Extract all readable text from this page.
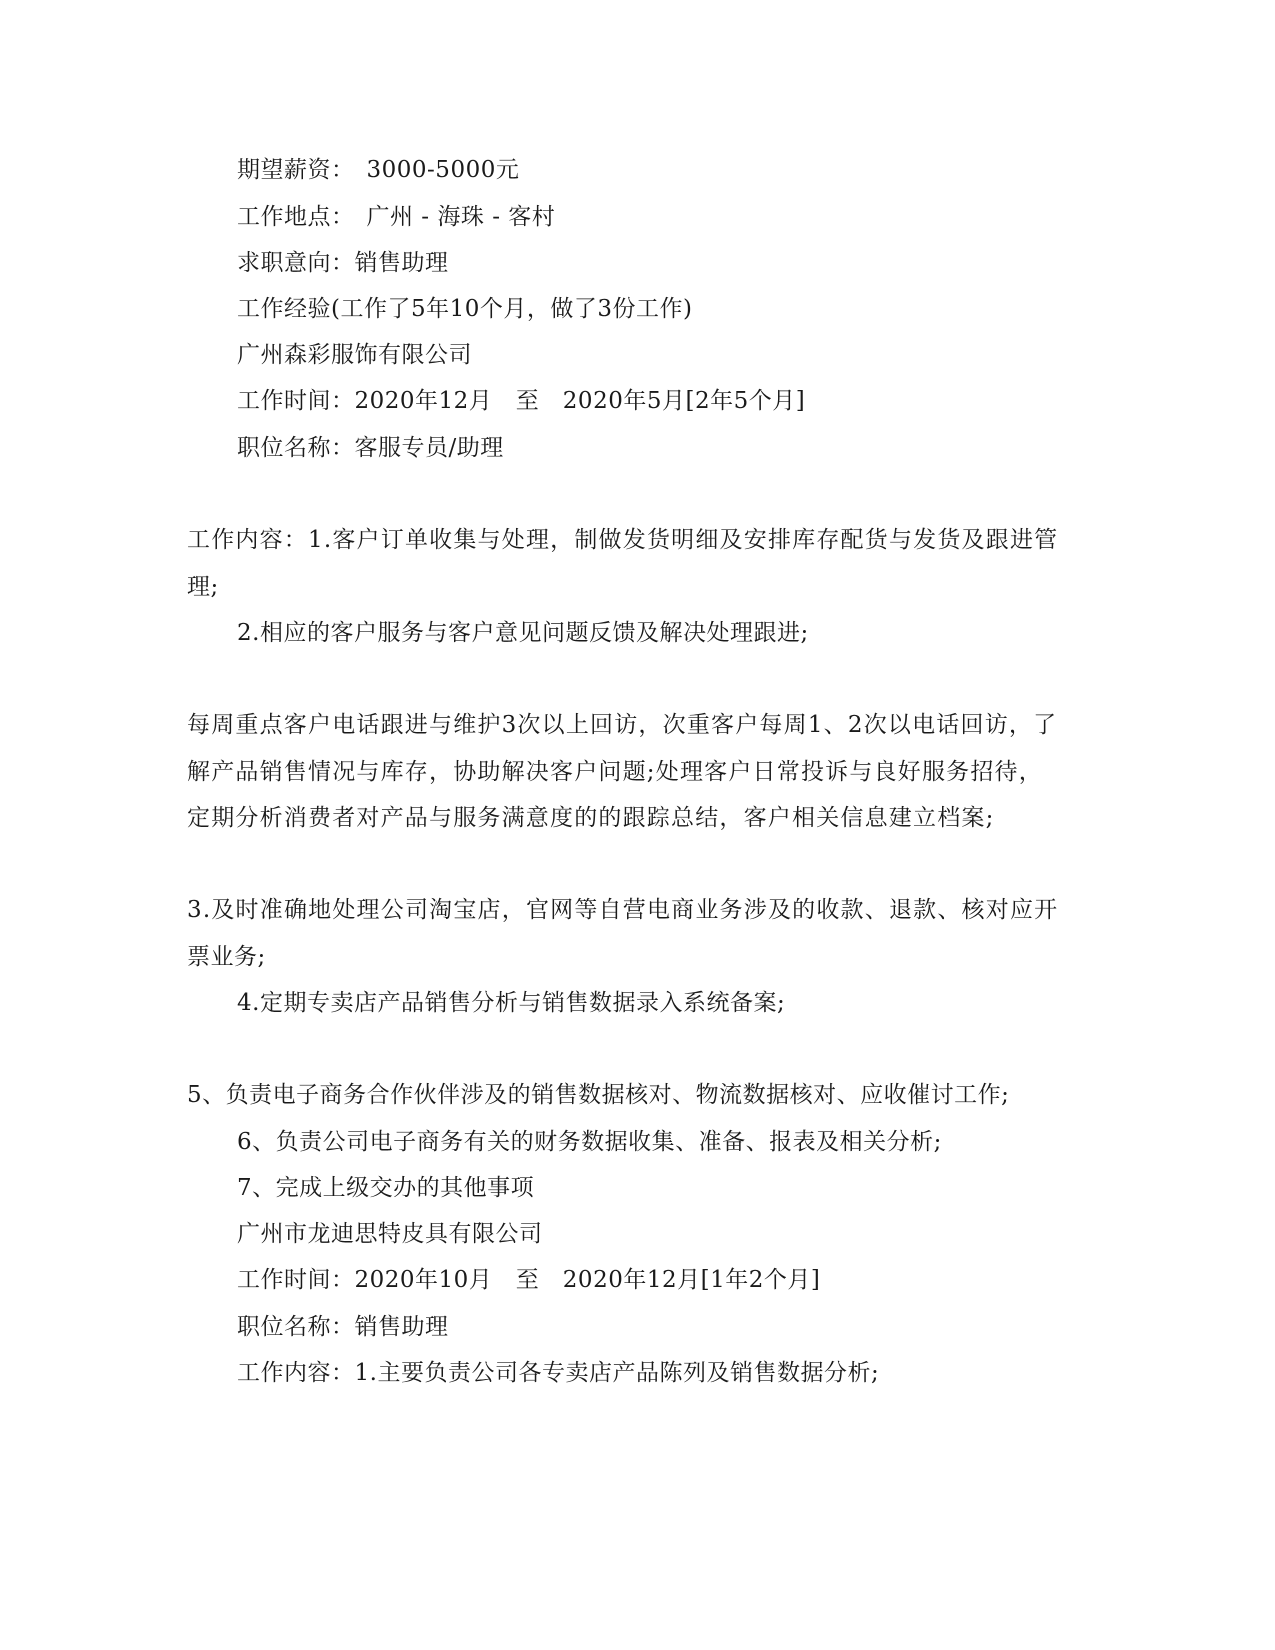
期望薪资：　3000-5000元
工作地点：　广州 - 海珠 - 客村
求职意向：销售助理
工作经验(工作了5年10个月，做了3份工作)
广州森彩服饰有限公司
工作时间：2020年12月　至　2020年5月[2年5个月]
职位名称：客服专员/助理
工作内容：1.客户订单收集与处理，制做发货明细及安排库存配货与发货及跟进管
理;
2.相应的客户服务与客户意见问题反馈及解决处理跟进;
每周重点客户电话跟进与维护3次以上回访，次重客户每周1、2次以电话回访，了
解产品销售情况与库存，协助解决客户问题;处理客户日常投诉与良好服务招待，
定期分析消费者对产品与服务满意度的的跟踪总结，客户相关信息建立档案;
3.及时准确地处理公司淘宝店，官网等自营电商业务涉及的收款、退款、核对应开
票业务;
4.定期专卖店产品销售分析与销售数据录入系统备案;
5、负责电子商务合作伙伴涉及的销售数据核对、物流数据核对、应收催讨工作;
6、负责公司电子商务有关的财务数据收集、准备、报表及相关分析;
7、完成上级交办的其他事项
广州市龙迪思特皮具有限公司
工作时间：2020年10月　至　2020年12月[1年2个月]
职位名称：销售助理
工作内容：1.主要负责公司各专卖店产品陈列及销售数据分析;
